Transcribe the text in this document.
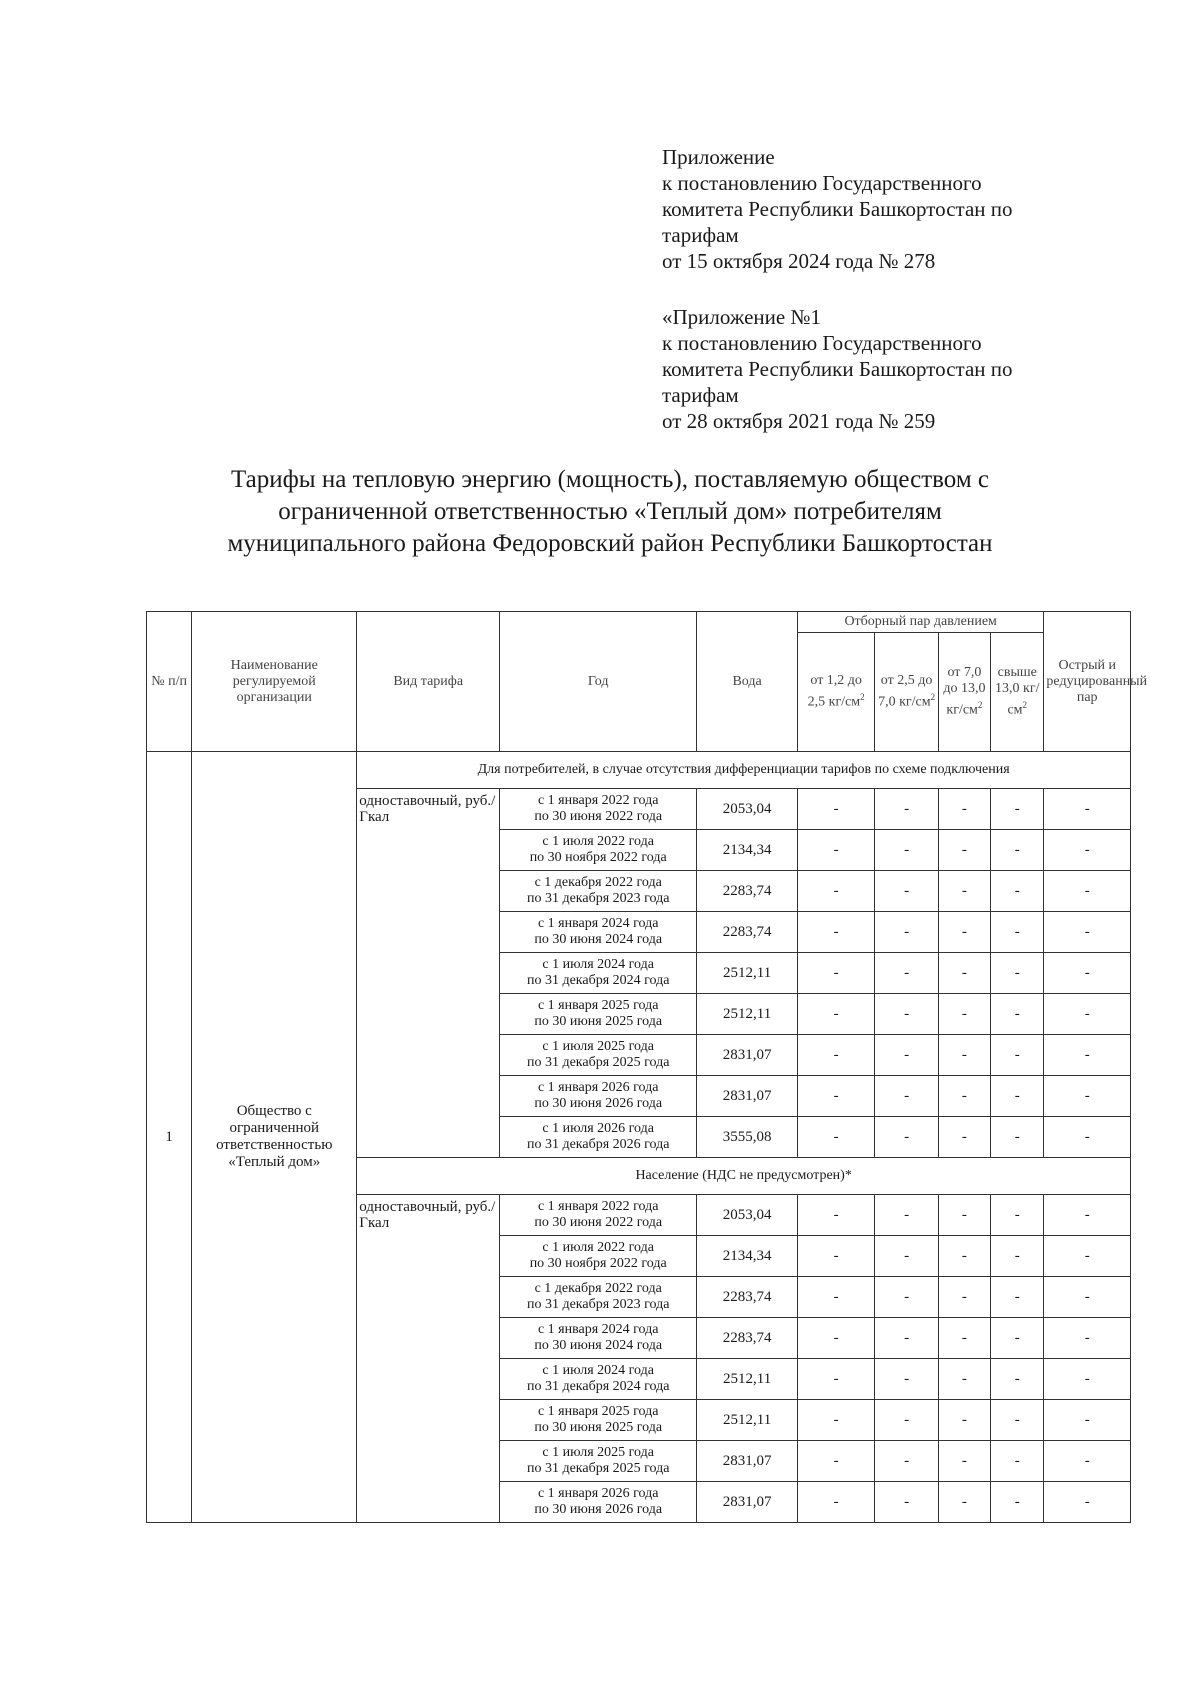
Приложение
к постановлению Государственного
комитета Республики Башкортостан по
тарифам
от 15 октября 2024 года № 278
«Приложение №1
к постановлению Государственного
комитета Республики Башкортостан по
тарифам
от 28 октября 2021 года № 259
Тарифы на тепловую энергию (мощность), поставляемую обществом с
ограниченной ответственностью «Теплый дом» потребителям
муниципального района Федоровский район Республики Башкортостан
№ п/п	Наименование регулируемой организации	Вид тарифа	Год	Вода	Отборный пар давлением				Острый и редуцированный пар
					от 1,2 до 2,5 $кг/см^2$	от 2,5 до 7,0 $кг/см^2$	от 7,0 до 13,0 $кг/см^2$	свыше 13,0 $кг/см^2$
1	Общество с ограниченной ответственностью «Теплый дом»	Для потребителей, в случае отсутствия дифференциации тарифов по схеме подключения							
		одноставочный, руб./Гкал	с 1 января 2022 года
по 30 июня 2022 года	2053,04	-	-	-	-	-

			с 1 июля 2022 года
по 30 ноября 2022 года	2134,34	-	-	-	-	-

			с 1 декабря 2022 года
по 31 декабря 2023 года	2283,74	-	-	-	-	-

			с 1 января 2024 года
по 30 июня 2024 года	2283,74	-	-	-	-	-

			с 1 июля 2024 года
по 31 декабря 2024 года	2512,11	-	-	-	-	-

			с 1 января 2025 года
по 30 июня 2025 года	2512,11	-	-	-	-	-

			с 1 июля 2025 года
по 31 декабря 2025 года	2831,07	-	-	-	-	-

			с 1 января 2026 года
по 30 июня 2026 года	2831,07	-	-	-	-	-

			с 1 июля 2026 года
по 31 декабря 2026 года	3555,08	-	-	-	-	-
		Население (НДС не предусмотрен)*							
		одноставочный, руб./Гкал	с 1 января 2022 года
по 30 июня 2022 года	2053,04	-	-	-	-	-

			с 1 июля 2022 года
по 30 ноября 2022 года	2134,34	-	-	-	-	-

			с 1 декабря 2022 года
по 31 декабря 2023 года	2283,74	-	-	-	-	-

			с 1 января 2024 года
по 30 июня 2024 года	2283,74	-	-	-	-	-

			с 1 июля 2024 года
по 31 декабря 2024 года	2512,11	-	-	-	-	-

			с 1 января 2025 года
по 30 июня 2025 года	2512,11	-	-	-	-	-

			с 1 июля 2025 года
по 31 декабря 2025 года	2831,07	-	-	-	-	-

			с 1 января 2026 года
по 30 июня 2026 года	2831,07	-	-	-	-	-
